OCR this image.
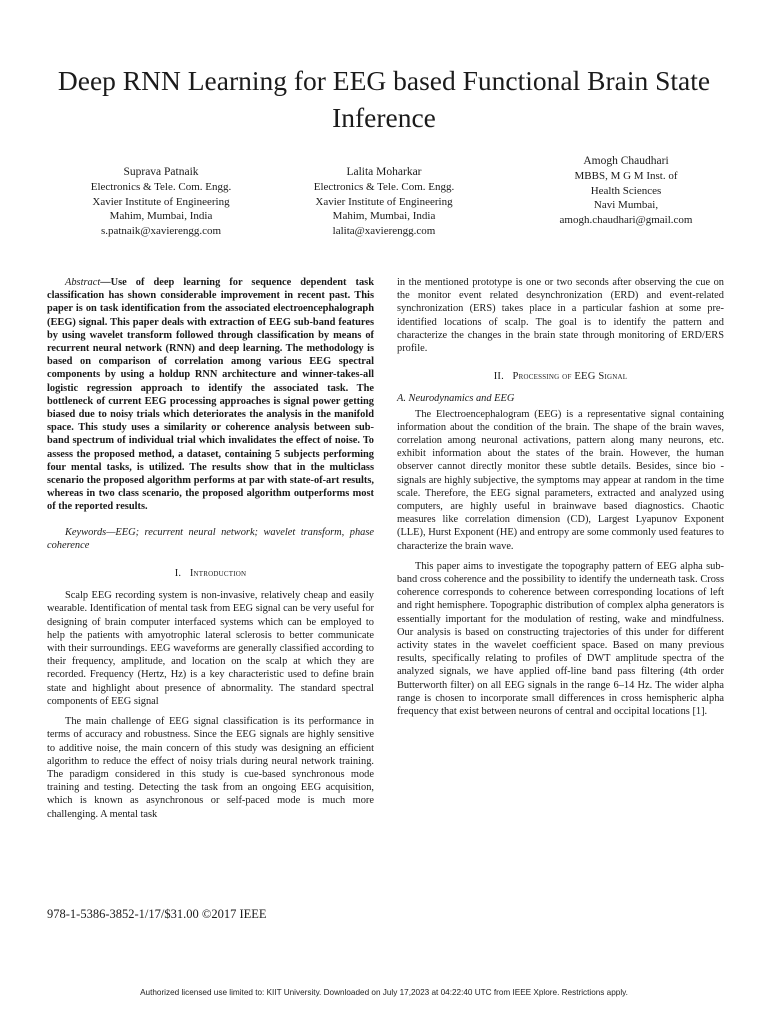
Deep RNN Learning for EEG based Functional Brain State Inference
Suprava Patnaik
Electronics & Tele. Com. Engg.
Xavier Institute of Engineering
Mahim, Mumbai, India
s.patnaik@xavierengg.com
Lalita Moharkar
Electronics & Tele. Com. Engg.
Xavier Institute of Engineering
Mahim, Mumbai, India
lalita@xavierengg.com
Amogh Chaudhari
MBBS, M G M Inst. of
Health Sciences
Navi Mumbai,
amogh.chaudhari@gmail.com

Abstract—Use of deep learning for sequence dependent task classification has shown considerable improvement in recent past. This paper is on task identification from the associated electroencephalograph (EEG) signal. This paper deals with extraction of EEG sub-band features by using wavelet transform followed through classification by means of recurrent neural network (RNN) and deep learning. The methodology is based on comparison of correlation among various EEG spectral components by using a holdup RNN architecture and winner-takes-all logistic regression approach to identify the associated task. The bottleneck of current EEG processing approaches is signal power getting biased due to noisy trials which deteriorates the analysis in the manifold space. This study uses a similarity or coherence analysis between sub-band spectrum of individual trial which invalidates the effect of noise. To assess the proposed method, a dataset, containing 5 subjects performing four mental tasks, is utilized. The results show that in the multiclass scenario the proposed algorithm performs at par with state-of-art results, whereas in two class scenario, the proposed algorithm outperforms most of the reported results.

Keywords—EEG; recurrent neural network; wavelet transform, phase coherence

I. Introduction

Scalp EEG recording system is non-invasive, relatively cheap and easily wearable. Identification of mental task from EEG signal can be very useful for designing of brain computer interfaced systems which can be employed to help the patients with amyotrophic lateral sclerosis to better communicate with their surroundings. EEG waveforms are generally classified according to their frequency, amplitude, and location on the scalp at which they are recorded. Frequency (Hertz, Hz) is a key characteristic used to define brain state and highlight about presence of abnormality. The standard spectral components of EEG signal

The main challenge of EEG signal classification is its performance in terms of accuracy and robustness. Since the EEG signals are highly sensitive to additive noise, the main concern of this study was designing an efficient algorithm to reduce the effect of noisy trials during neural network training. The paradigm considered in this study is cue-based synchronous mode training and testing. Detecting the task from an ongoing EEG acquisition, which is known as asynchronous or self-paced mode is much more challenging. A mental task

in the mentioned prototype is one or two seconds after observing the cue on the monitor event related desynchronization (ERD) and event-related synchronization (ERS) takes place in a particular fashion at some pre-identified locations of scalp. The goal is to identify the pattern and characterize the changes in the brain state through monitoring of ERD/ERS profile.

II. Processing of EEG Signal

A. Neurodynamics and EEG

The Electroencephalogram (EEG) is a representative signal containing information about the condition of the brain. The shape of the brain waves, correlation among neuronal activations, pattern along many neurons, etc. exhibit information about the states of the brain. However, the human observer cannot directly monitor these subtle details. Besides, since bio -signals are highly subjective, the symptoms may appear at random in the time scale. Therefore, the EEG signal parameters, extracted and analyzed using computers, are highly useful in brainwave based diagnostics. Chaotic measures like correlation dimension (CD), Largest Lyapunov Exponent (LLE), Hurst Exponent (HE) and entropy are some commonly used features to characterize the brain wave.

This paper aims to investigate the topography pattern of EEG alpha sub-band cross coherence and the possibility to identify the underneath task. Cross coherence corresponds to coherence between corresponding locations of left and right hemisphere. Topographic distribution of complex alpha generators is essentially important for the modulation of resting, wake and mindfulness. Our analysis is based on constructing trajectories of this under for different activity states in the wavelet coefficient space. Based on many previous results, specifically relating to profiles of DWT amplitude spectra of the analyzed signals, we have applied off-line band pass filtering (4th order Butterworth filter) on all EEG signals in the range 6–14 Hz. The wider alpha range is chosen to incorporate small differences in cross hemispheric alpha frequency that exist between neurons of central and occipital locations [1].

978-1-5386-3852-1/17/$31.00 ©2017 IEEE
Authorized licensed use limited to: KIIT University. Downloaded on July 17,2023 at 04:22:40 UTC from IEEE Xplore. Restrictions apply.
